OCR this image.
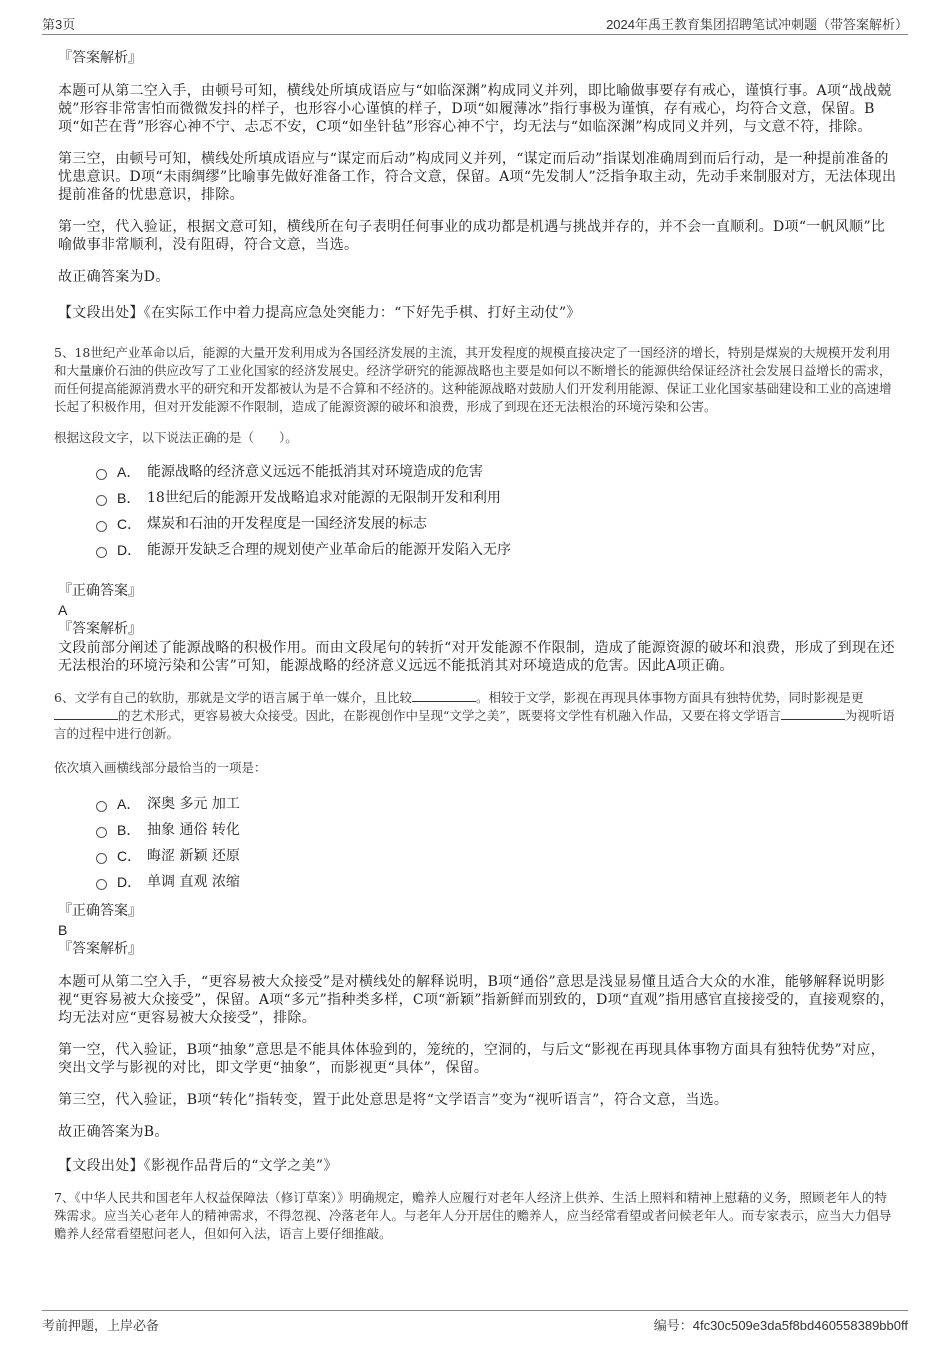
第3页	2024年禹王教育集团招聘笔试冲刺题（带答案解析）
『答案解析』

本题可从第二空入手，由顿号可知，横线处所填成语应与“如临深渊”构成同义并列，即比喻做事要存有戒心，谨慎行事。A项“战战兢兢”形容非常害怕而微微发抖的样子，也形容小心谨慎的样子，D项“如履薄冰”指行事极为谨慎，存有戒心，均符合文意，保留。B项“如芒在背”形容心神不宁、忐忑不安，C项“如坐针毡”形容心神不宁，均无法与“如临深渊”构成同义并列，与文意不符，排除。

第三空，由顿号可知，横线处所填成语应与“谋定而后动”构成同义并列，“谋定而后动”指谋划准确周到而后行动，是一种提前准备的忧患意识。D项“未雨绸缪”比喻事先做好准备工作，符合文意，保留。A项“先发制人”泛指争取主动，先动手来制服对方，无法体现出提前准备的忧患意识，排除。

第一空，代入验证，根据文意可知，横线所在句子表明任何事业的成功都是机遇与挑战并存的，并不会一直顺利。D项“一帆风顺”比喻做事非常顺利，没有阻碍，符合文意，当选。

故正确答案为D。

【文段出处】《在实际工作中着力提高应急处突能力：“下好先手棋、打好主动仗”》

5、18世纪产业革命以后，能源的大量开发利用成为各国经济发展的主流，其开发程度的规模直接决定了一国经济的增长，特别是煤炭的大规模开发利用和大量廉价石油的供应改写了工业化国家的经济发展史。经济学研究的能源战略也主要是如何以不断增长的能源供给保证经济社会发展日益增长的需求，而任何提高能源消费水平的研究和开发都被认为是不合算和不经济的。这种能源战略对鼓励人们开发利用能源、保证工业化国家基础建设和工业的高速增长起了积极作用，但对开发能源不作限制，造成了能源资源的破坏和浪费，形成了到现在还无法根治的环境污染和公害。

根据这段文字，以下说法正确的是（　　）。

A． 能源战略的经济意义远远不能抵消其对环境造成的危害
B． 18世纪后的能源开发战略追求对能源的无限制开发和利用
C． 煤炭和石油的开发程度是一国经济发展的标志
D． 能源开发缺乏合理的规划使产业革命后的能源开发陷入无序
『正确答案』
A
『答案解析』

文段前部分阐述了能源战略的积极作用。而由文段尾句的转折“对开发能源不作限制，造成了能源资源的破坏和浪费，形成了到现在还无法根治的环境污染和公害”可知，能源战略的经济意义远远不能抵消其对环境造成的危害。因此A项正确。

6、文学有自己的软肋，那就是文学的语言属于单一媒介，且比较	。相较于文学，影视在再现具体事物方面具有独特优势，同时影视是更的艺术形式，更容易被大众接受。因此，在影视创作中呈现“文学之美”，既要将文学性有机融入作品，又要在将文学语言	为视听语言的过程中进行创新。

依次填入画横线部分最恰当的一项是：

A． 深奥 多元 加工
B． 抽象 通俗 转化
C． 晦涩 新颖 还原
D． 单调 直观 浓缩
『正确答案』
B
『答案解析』

本题可从第二空入手，“更容易被大众接受”是对横线处的解释说明，B项“通俗”意思是浅显易懂且适合大众的水准，能够解释说明影视“更容易被大众接受”，保留。A项“多元”指种类多样，C项“新颖”指新鲜而别致的，D项“直观”指用感官直接接受的，直接观察的，均无法对应“更容易被大众接受”，排除。

第一空，代入验证，B项“抽象”意思是不能具体体验到的，笼统的，空洞的，与后文“影视在再现具体事物方面具有独特优势”对应，突出文学与影视的对比，即文学更“抽象”，而影视更“具体”，保留。

第三空，代入验证，B项“转化”指转变，置于此处意思是将“文学语言”变为“视听语言”，符合文意，当选。

故正确答案为B。

【文段出处】《影视作品背后的“文学之美”》

7、《中华人民共和国老年人权益保障法（修订草案）》明确规定，赡养人应履行对老年人经济上供养、生活上照料和精神上慰藉的义务，照顾老年人的特殊需求。应当关心老年人的精神需求，不得忽视、冷落老年人。与老年人分开居住的赡养人，应当经常看望或者问候老年人。而专家表示，应当大力倡导赡养人经常看望慰问老人，但如何入法，语言上要仔细推敲。

考前押题，上岸必备	编号：4fc30c509e3da5f8bd460558389bb0ff
